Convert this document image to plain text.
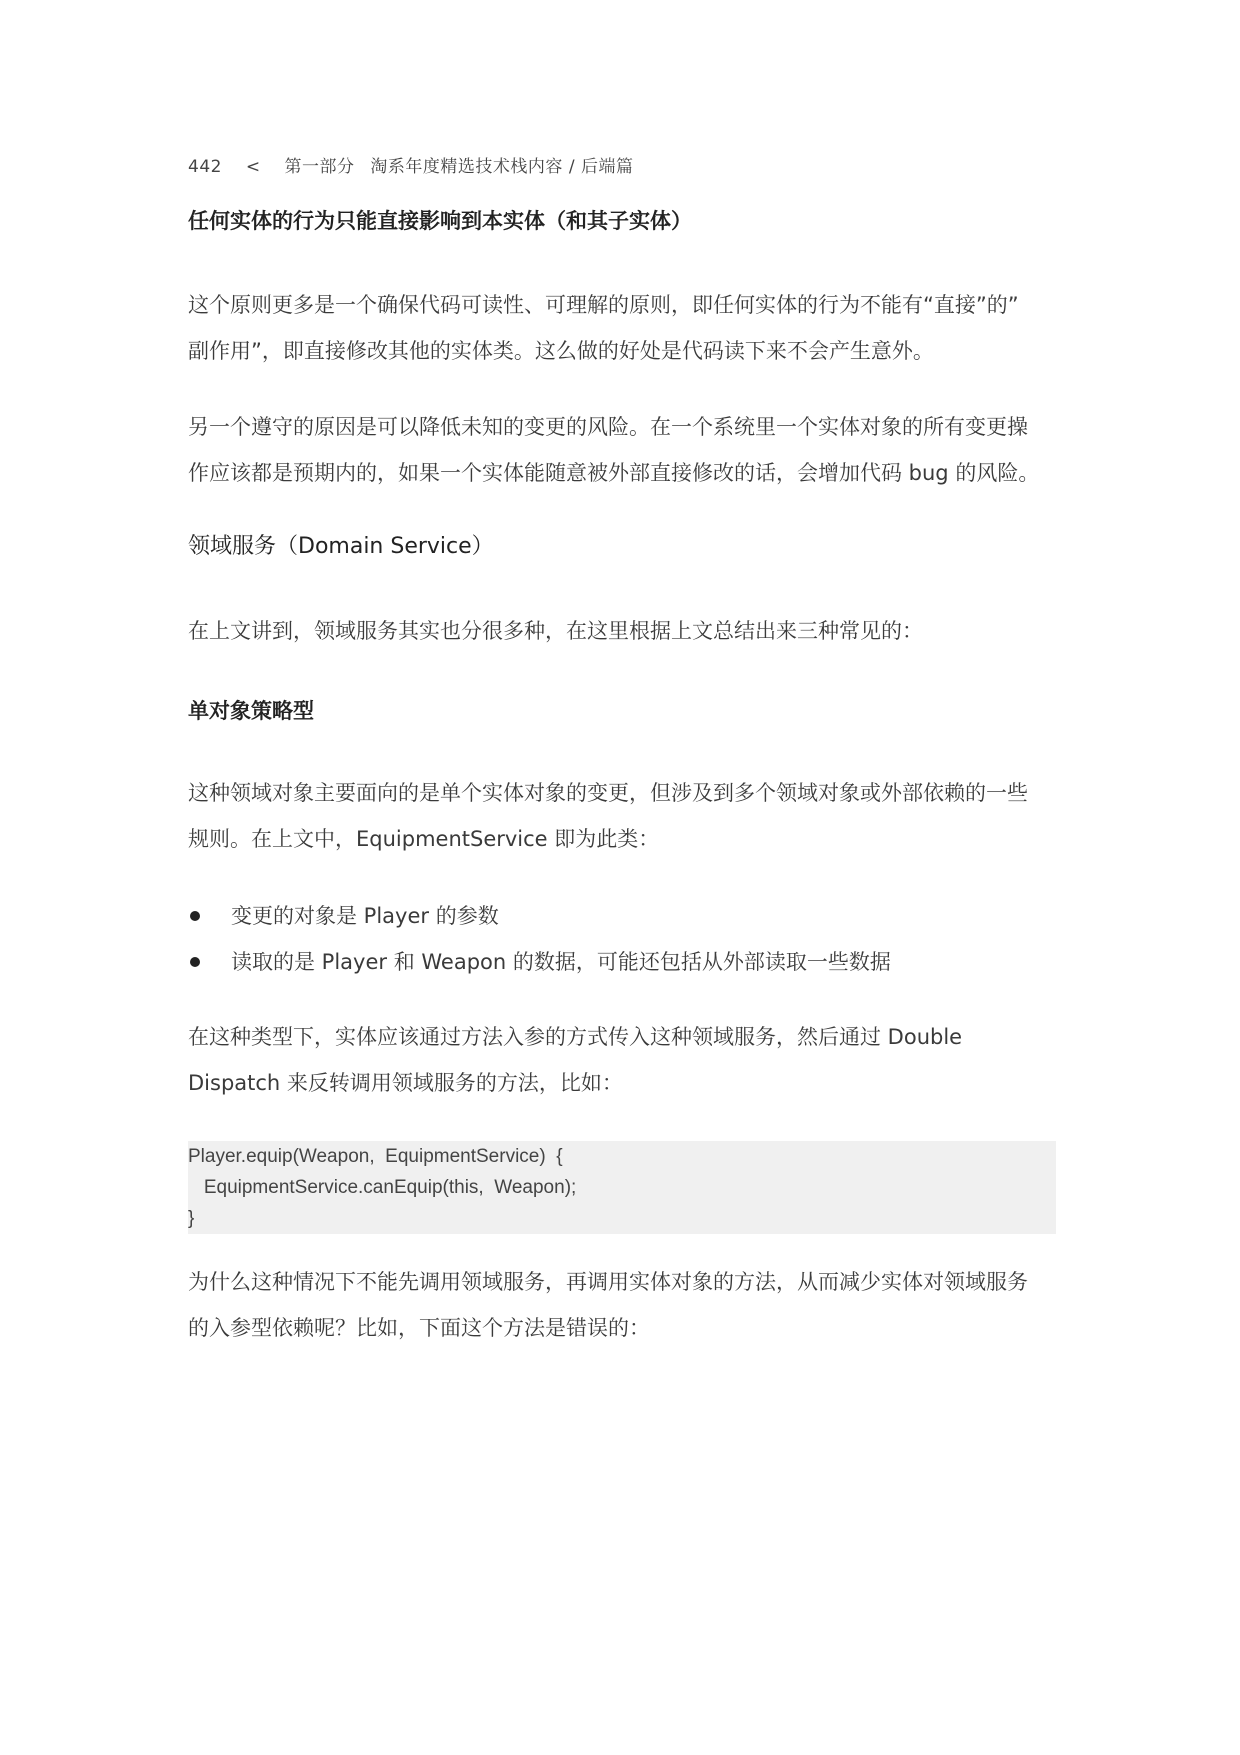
442 < 第一部分 淘系年度精选技术栈内容 / 后端篇
任何实体的行为只能直接影响到本实体（和其子实体）
这个原则更多是一个确保代码可读性、可理解的原则，即任何实体的行为不能有“直接”的”
副作用”，即直接修改其他的实体类。这么做的好处是代码读下来不会产生意外。
另一个遵守的原因是可以降低未知的变更的风险。在一个系统里一个实体对象的所有变更操
作应该都是预期内的，如果一个实体能随意被外部直接修改的话，会增加代码 bug 的风险。
领域服务（Domain Service）
在上文讲到，领域服务其实也分很多种，在这里根据上文总结出来三种常见的：
单对象策略型
这种领域对象主要面向的是单个实体对象的变更，但涉及到多个领域对象或外部依赖的一些
规则。在上文中，EquipmentService 即为此类：
变更的对象是 Player 的参数
读取的是 Player 和 Weapon 的数据，可能还包括从外部读取一些数据
在这种类型下，实体应该通过方法入参的方式传入这种领域服务，然后通过 Double
Dispatch 来反转调用领域服务的方法，比如：
Player.equip(Weapon,  EquipmentService)  {
EquipmentService.canEquip(this,  Weapon);
}
为什么这种情况下不能先调用领域服务，再调用实体对象的方法，从而减少实体对领域服务
的入参型依赖呢？比如，下面这个方法是错误的：
